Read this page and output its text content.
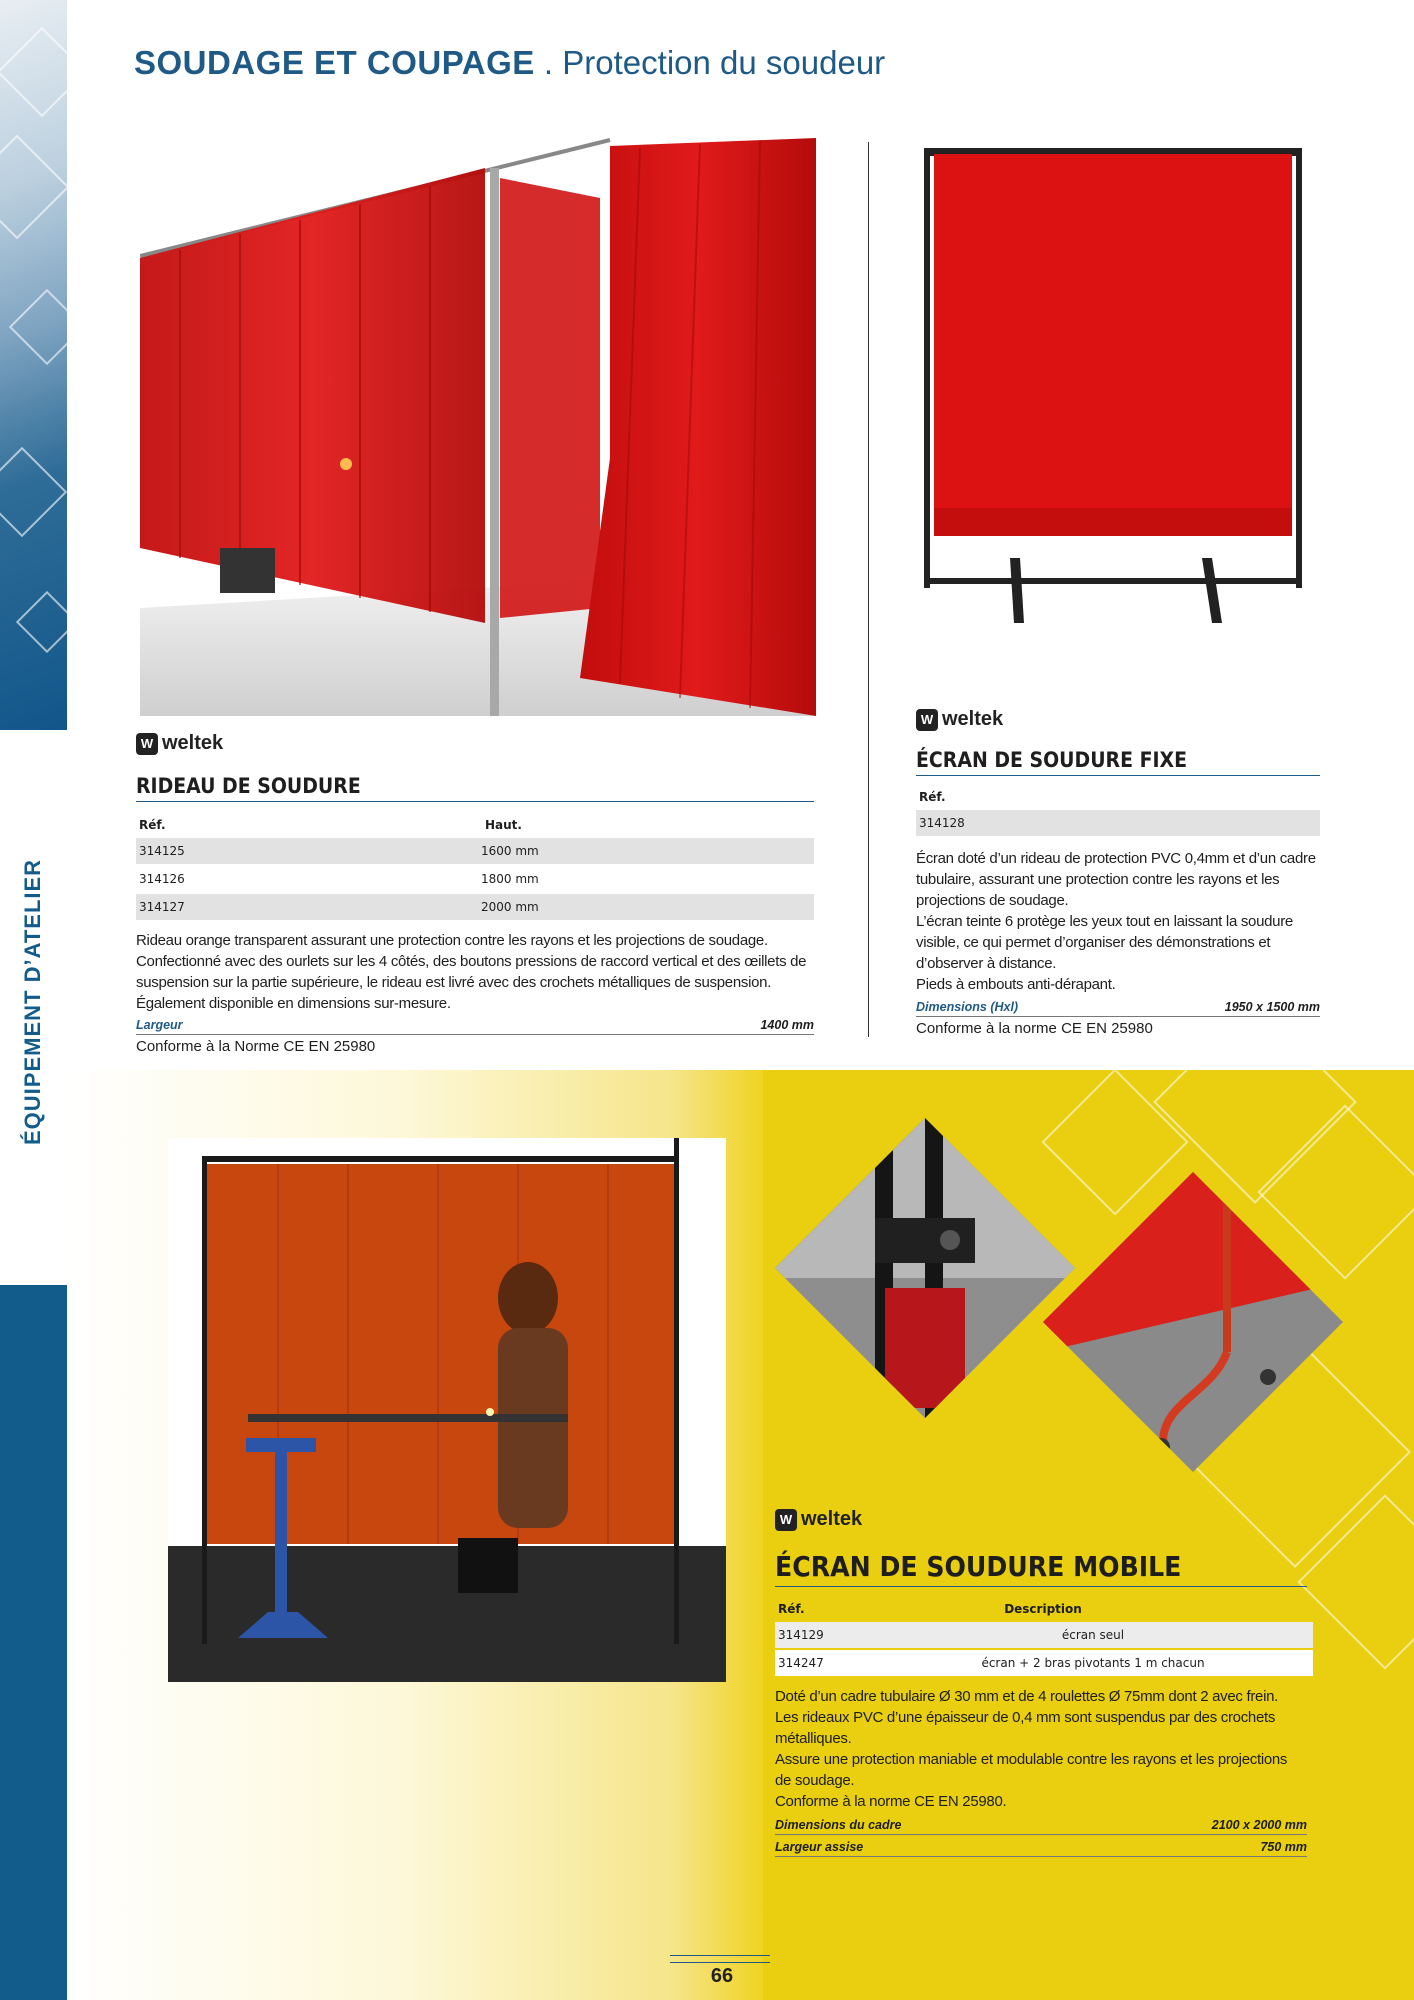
ÉQUIPEMENT D’ATELIER
SOUDAGE ET COUPAGE . Protection du soudeur
W weltek
RIDEAU DE SOUDURE
Réf.	Haut.
314125	1600 mm
314126	1800 mm
314127	2000 mm
Rideau orange transparent assurant une protection contre les rayons et les projections de soudage.
Confectionné avec des ourlets sur les 4 côtés, des boutons pressions de raccord vertical et des œillets de
suspension sur la partie supérieure, le rideau est livré avec des crochets métalliques de suspension.
Également disponible en dimensions sur-mesure.
Largeur	1400 mm
Conforme à la Norme CE EN 25980
W weltek
ÉCRAN DE SOUDURE FIXE
Réf.
314128
Écran doté d’un rideau de protection PVC 0,4mm et d’un cadre
tubulaire, assurant une protection contre les rayons et les
projections de soudage.
L’écran teinte 6 protège les yeux tout en laissant la soudure
visible, ce qui permet d’organiser des démonstrations et
d’observer à distance.
Pieds à embouts anti-dérapant.
Dimensions (Hxl)	1950 x 1500 mm
Conforme à la norme CE EN 25980
W weltek
ÉCRAN DE SOUDURE MOBILE
Réf.	Description
314129	écran seul
314247	écran + 2 bras pivotants 1 m chacun
Doté d’un cadre tubulaire Ø 30 mm et de 4 roulettes Ø 75mm dont 2 avec frein.
Les rideaux PVC d’une épaisseur de 0,4 mm sont suspendus par des crochets
métalliques.
Assure une protection maniable et modulable contre les rayons et les projections
de soudage.
Conforme à la norme CE EN 25980.
Dimensions du cadre	2100 x 2000 mm
Largeur assise	750 mm
66
